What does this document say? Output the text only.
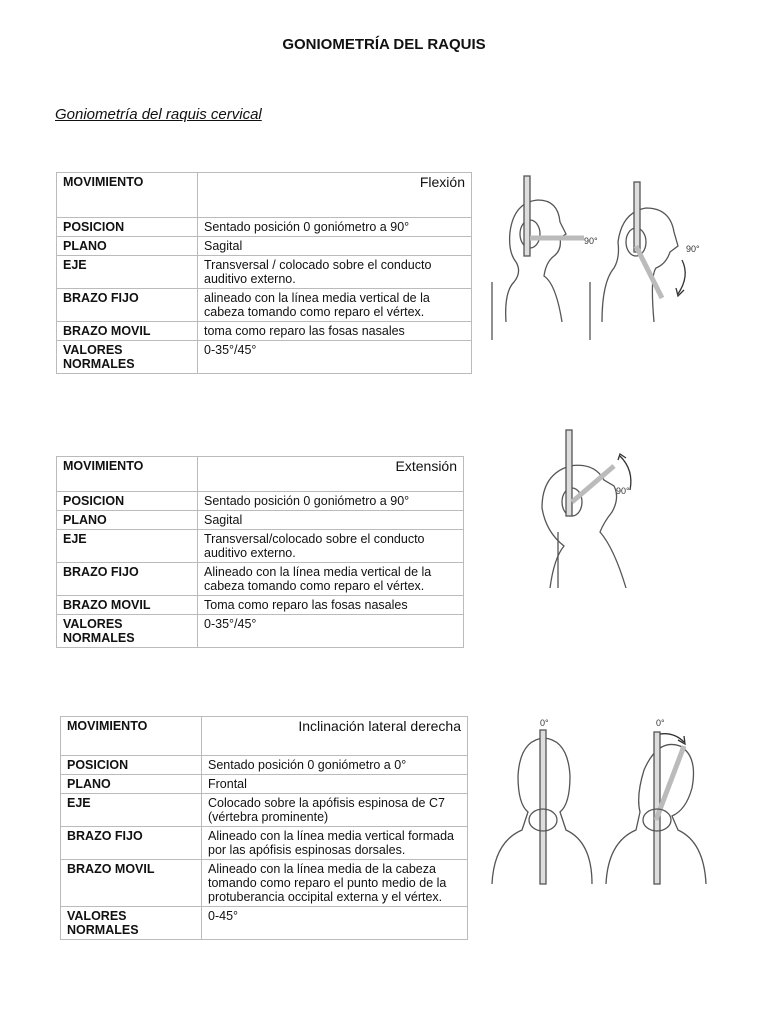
GONIOMETRÍA DEL RAQUIS
Goniometría del raquis cervical
MOVIMIENTO	Flexión
POSICION	Sentado posición 0 goniómetro a 90°
PLANO	Sagital
EJE	Transversal / colocado sobre el conducto auditivo externo.
BRAZO FIJO	alineado con la línea media vertical de la cabeza tomando como reparo el vértex.
BRAZO MOVIL	toma como reparo las fosas nasales
VALORES NORMALES	0-35°/45°
MOVIMIENTO	Extensión
POSICION	Sentado posición 0 goniómetro a 90°
PLANO	Sagital
EJE	Transversal/colocado sobre el conducto auditivo externo.
BRAZO FIJO	Alineado con la línea media vertical de la cabeza tomando como reparo el vértex.
BRAZO MOVIL	Toma como reparo las fosas nasales
VALORES NORMALES	0-35°/45°
MOVIMIENTO	Inclinación lateral derecha
POSICION	Sentado posición 0 goniómetro a 0°
PLANO	Frontal
EJE	Colocado sobre la apófisis espinosa de C7 (vértebra prominente)
BRAZO FIJO	Alineado con la línea media vertical formada por las apófisis espinosas dorsales.
BRAZO MOVIL	Alineado con la línea media de la cabeza tomando como reparo el punto medio de la protuberancia occipital externa y el vértex.
VALORES NORMALES	0-45°
90°
90°
90°
0°	0°
